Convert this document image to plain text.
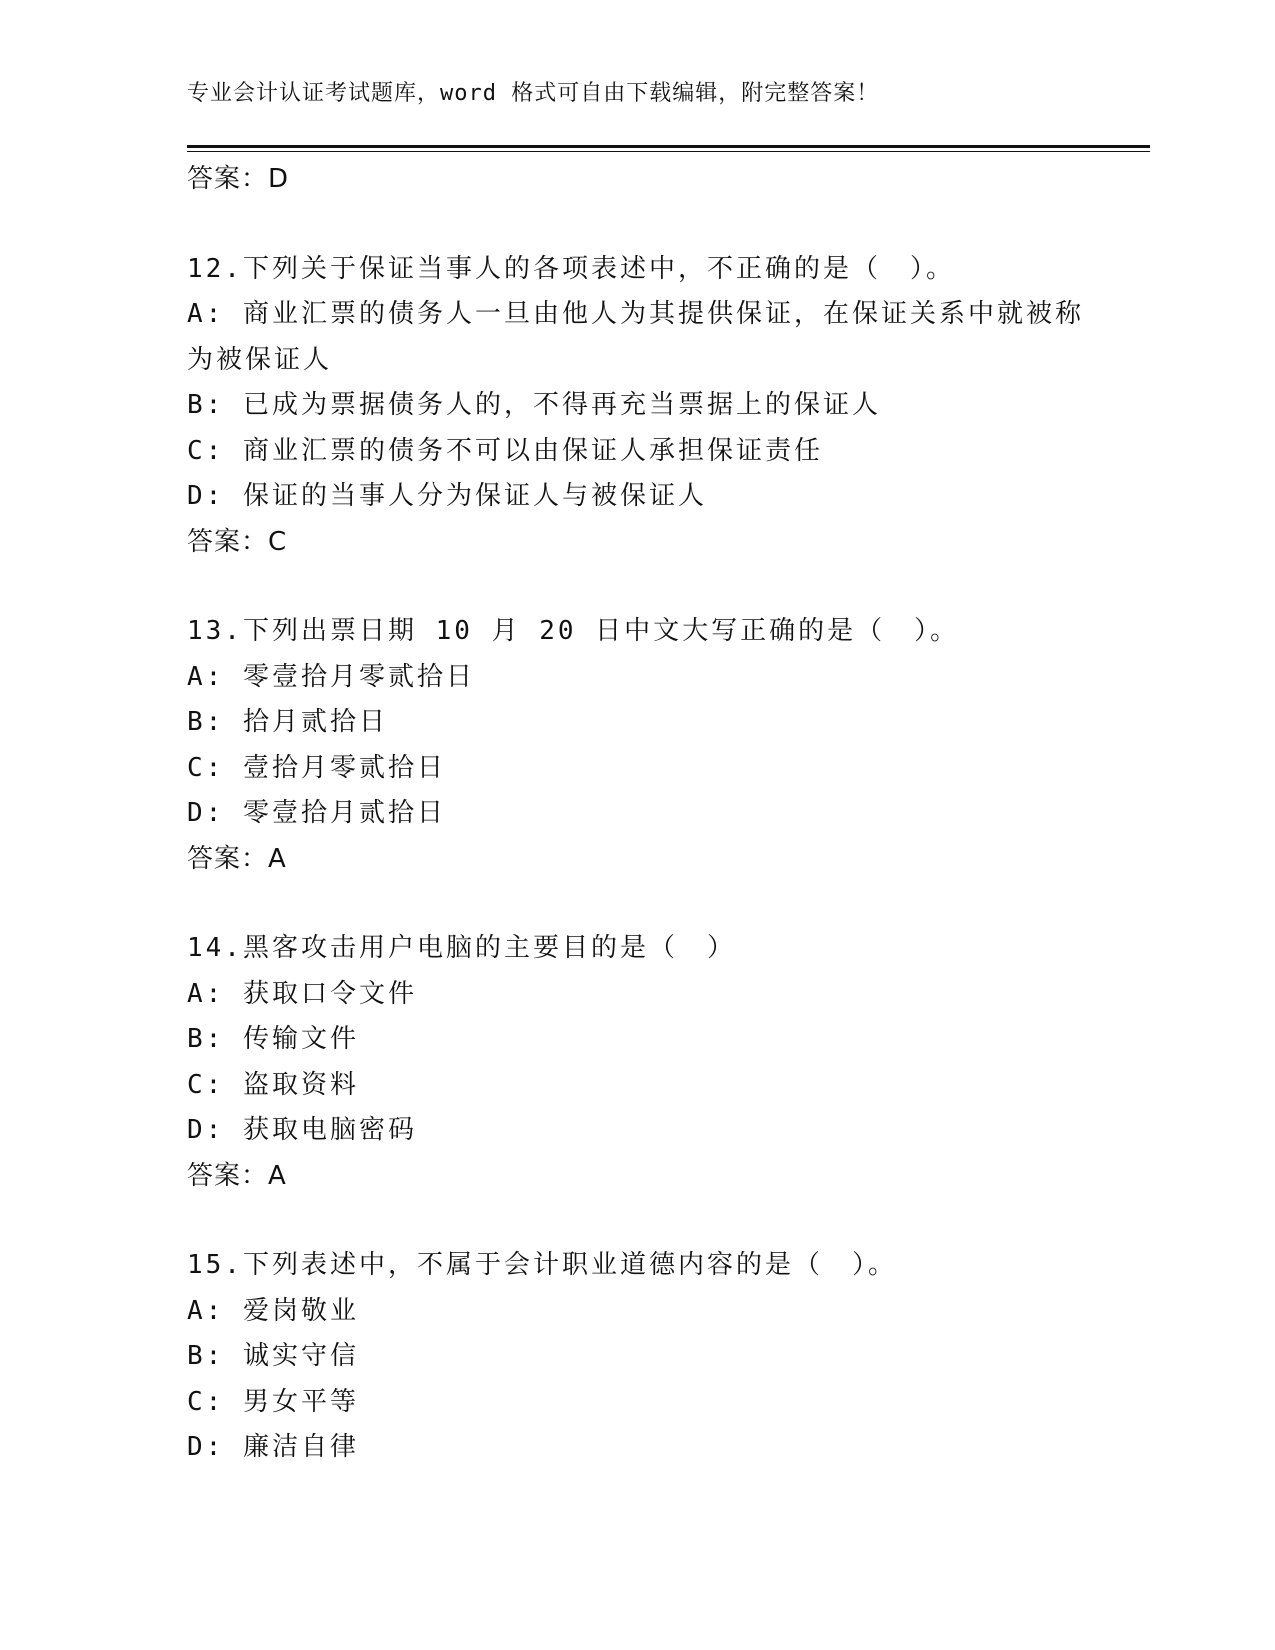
专业会计认证考试题库，word 格式可自由下载编辑，附完整答案！
答案：D
12.下列关于保证当事人的各项表述中，不正确的是（　）。
A: 商业汇票的债务人一旦由他人为其提供保证，在保证关系中就被称
为被保证人
B: 已成为票据债务人的，不得再充当票据上的保证人
C: 商业汇票的债务不可以由保证人承担保证责任
D: 保证的当事人分为保证人与被保证人
答案：C
13.下列出票日期 10 月 20 日中文大写正确的是（　）。
A: 零壹拾月零贰拾日
B: 拾月贰拾日
C: 壹拾月零贰拾日
D: 零壹拾月贰拾日
答案：A
14.黑客攻击用户电脑的主要目的是（　）
A: 获取口令文件
B: 传输文件
C: 盗取资料
D: 获取电脑密码
答案：A
15.下列表述中，不属于会计职业道德内容的是（　）。
A: 爱岗敬业
B: 诚实守信
C: 男女平等
D: 廉洁自律
